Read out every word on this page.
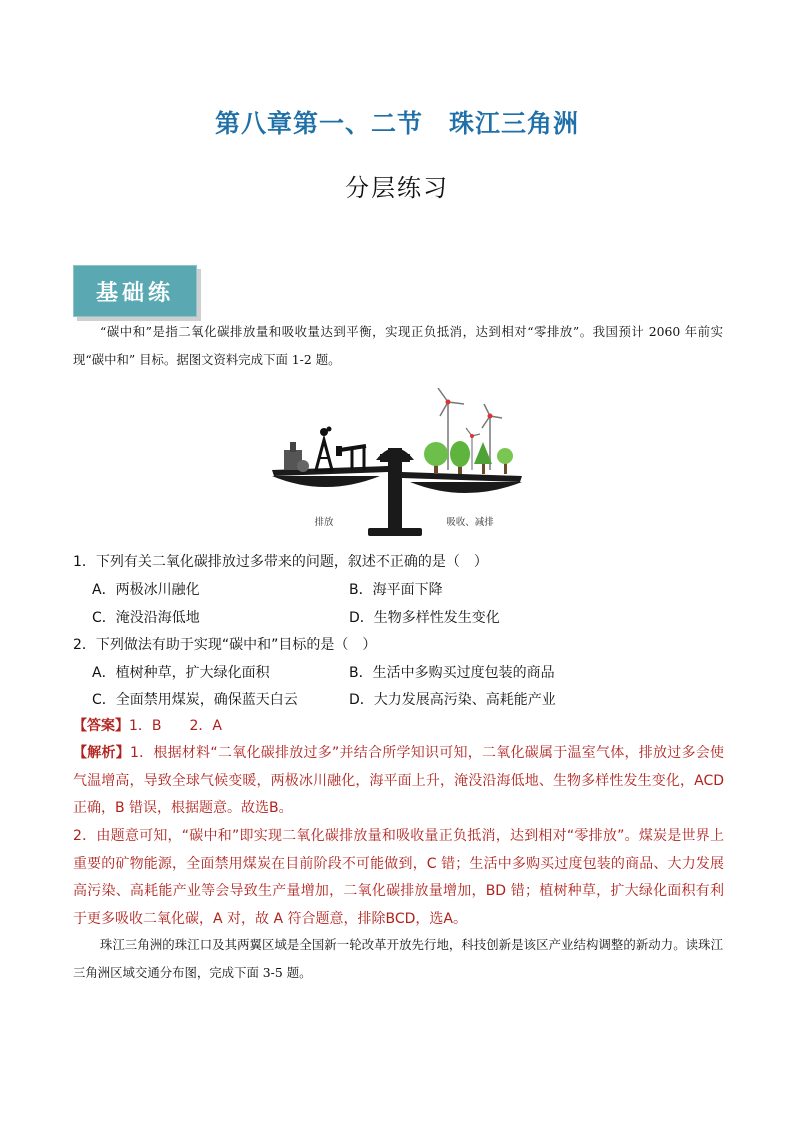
第八章第一、二节　珠江三角洲
分层练习
基础练
“碳中和”是指二氧化碳排放量和吸收量达到平衡，实现正负抵消，达到相对“零排放”。我国预计 2060 年前实现“碳中和” 目标。据图文资料完成下面 1-2 题。
排放	吸收、减排
1．下列有关二氧化碳排放过多带来的问题，叙述不正确的是（　）
A．两极冰川融化	B．海平面下降
C．淹没沿海低地	D．生物多样性发生变化
2．下列做法有助于实现“碳中和”目标的是（　）
A．植树种草，扩大绿化面积	B．生活中多购买过度包装的商品
C．全面禁用煤炭，确保蓝天白云	D．大力发展高污染、高耗能产业
【答案】1．B　　2．A
【解析】1．根据材料“二氧化碳排放过多”并结合所学知识可知，二氧化碳属于温室气体，排放过多会使气温增高，导致全球气候变暖，两极冰川融化，海平面上升，淹没沿海低地、生物多样性发生变化，ACD 正确，B 错误，根据题意。故选B。
2．由题意可知，“碳中和”即实现二氧化碳排放量和吸收量正负抵消，达到相对“零排放”。煤炭是世界上重要的矿物能源，全面禁用煤炭在目前阶段不可能做到，C 错；生活中多购买过度包装的商品、大力发展高污染、高耗能产业等会导致生产量增加，二氧化碳排放量增加，BD 错；植树种草，扩大绿化面积有利于更多吸收二氧化碳，A 对，故 A 符合题意，排除BCD，选A。
珠江三角洲的珠江口及其两翼区域是全国新一轮改革开放先行地，科技创新是该区产业结构调整的新动力。读珠江三角洲区域交通分布图，完成下面 3-5 题。
